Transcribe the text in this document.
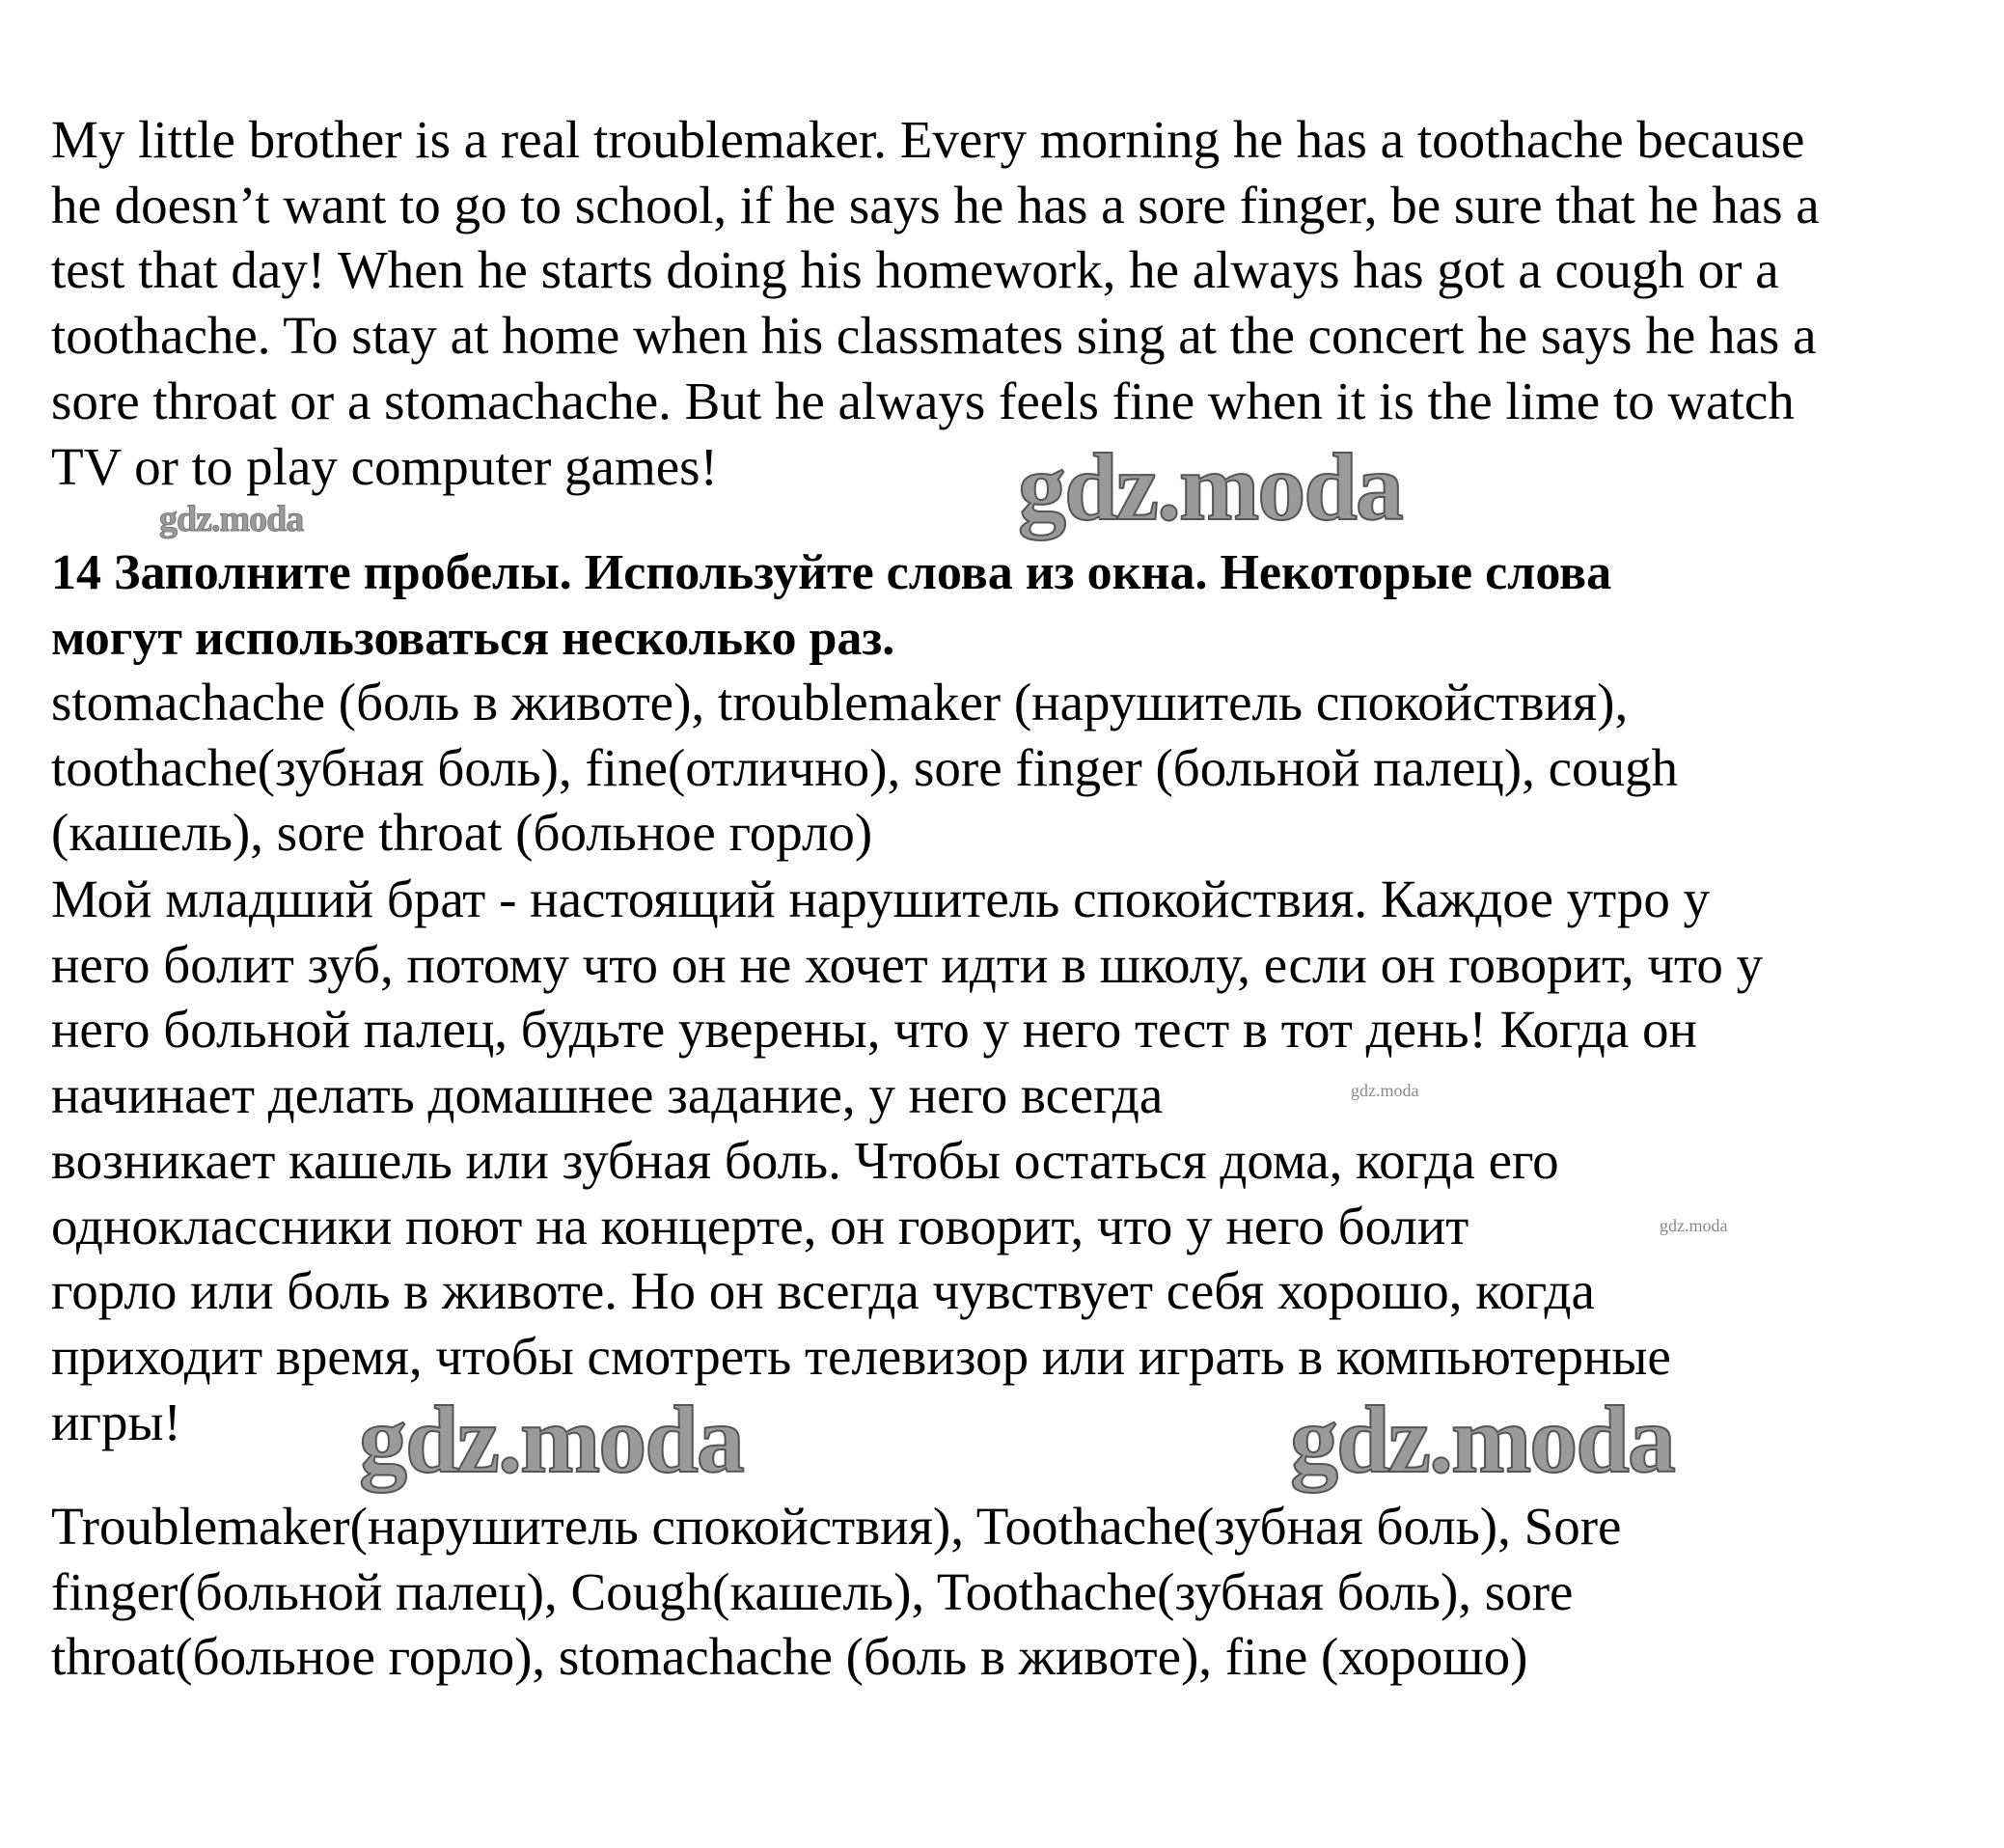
My little brother is a real troublemaker. Every morning he has a toothache because
he doesn’t want to go to school, if he says he has a sore finger, be sure that he has a
test that day! When he starts doing his homework, he always has got a cough or a
toothache. To stay at home when his classmates sing at the concert he says he has a
sore throat or a stomachache. But he always feels fine when it is the lime to watch
TV or to play computer games!
14 Заполните пробелы. Используйте слова из окна. Некоторые слова
могут использоваться несколько раз.
stomachache (боль в животе), troublemaker (нарушитель спокойствия),
toothache(зубная боль), fine(отлично), sore finger (больной палец), cough
(кашель), sore throat (больное горло)
Мой младший брат - настоящий нарушитель спокойствия. Каждое утро у
него болит зуб, потому что он не хочет идти в школу, если он говорит, что у
него больной палец, будьте уверены, что у него тест в тот день! Когда он
начинает делать домашнее задание, у него всегда
возникает кашель или зубная боль. Чтобы остаться дома, когда его
одноклассники поют на концерте, он говорит, что у него болит
горло или боль в животе. Но он всегда чувствует себя хорошо, когда
приходит время, чтобы смотреть телевизор или играть в компьютерные
игры!
Troublemaker(нарушитель спокойствия), Toothache(зубная боль), Sore
finger(больной палец), Cough(кашель), Toothache(зубная боль), sore
throat(больное горло), stomachache (боль в животе), fine (хорошо)
gdz.moda
gdz.moda
gdz.moda
gdz.moda
gdz.moda	gdz.moda
